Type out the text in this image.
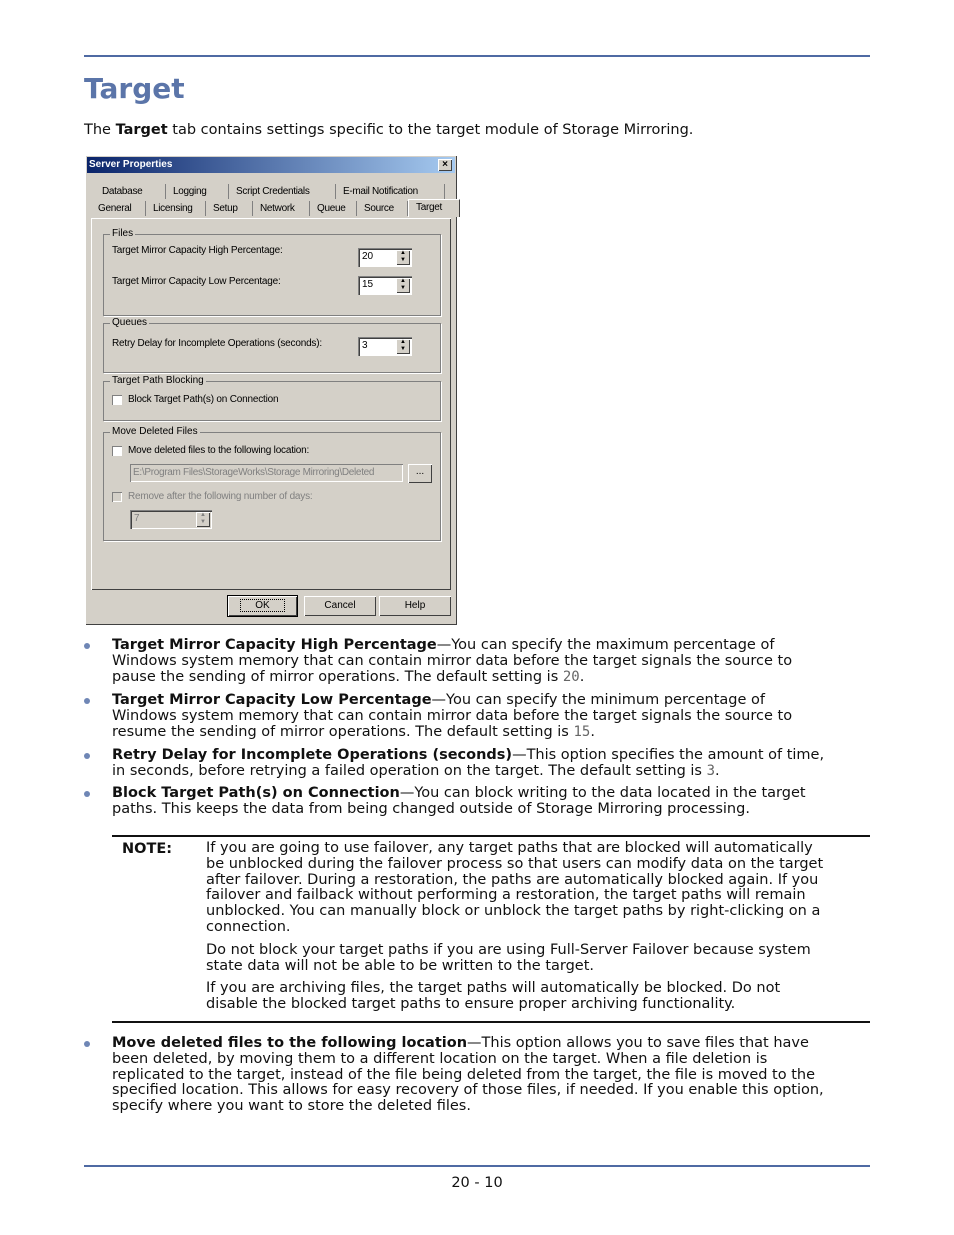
Target
The Target tab contains settings specific to the target module of Storage Mirroring.
Server Properties	×
Database	Logging	Script Credentials	E-mail Notification
General	Licensing	Setup	Network	Queue	Source	Target
Files
Target Mirror Capacity High Percentage:
20	▲
▼
Target Mirror Capacity Low Percentage:	15	▲
▼
Queues
Retry Delay for Incomplete Operations (seconds):	3	▲
▼
Target Path Blocking
Block Target Path(s) on Connection
Move Deleted Files
Move deleted files to the following location:
E:\Program Files\StorageWorks\Storage Mirroring\Deleted	...
Remove after the following number of days:
7	▲
▼
OK	Cancel	Help
Target Mirror Capacity High Percentage—You can specify the maximum percentage of
Windows system memory that can contain mirror data before the target signals the source to
pause the sending of mirror operations. The default setting is 20.
Target Mirror Capacity Low Percentage—You can specify the minimum percentage of
Windows system memory that can contain mirror data before the target signals the source to
resume the sending of mirror operations. The default setting is 15.
Retry Delay for Incomplete Operations (seconds)—This option specifies the amount of time,
in seconds, before retrying a failed operation on the target. The default setting is 3.
Block Target Path(s) on Connection—You can block writing to the data located in the target
paths. This keeps the data from being changed outside of Storage Mirroring processing.
NOTE: If you are going to use failover, any target paths that are blocked will automatically
be unblocked during the failover process so that users can modify data on the target
after failover. During a restoration, the paths are automatically blocked again. If you
failover and failback without performing a restoration, the target paths will remain
unblocked. You can manually block or unblock the target paths by right-clicking on a
connection.
Do not block your target paths if you are using Full-Server Failover because system
state data will not be able to be written to the target.
If you are archiving files, the target paths will automatically be blocked. Do not
disable the blocked target paths to ensure proper archiving functionality.
Move deleted files to the following location—This option allows you to save files that have
been deleted, by moving them to a different location on the target. When a file deletion is
replicated to the target, instead of the file being deleted from the target, the file is moved to the
specified location. This allows for easy recovery of those files, if needed. If you enable this option,
specify where you want to store the deleted files.
20 - 10
